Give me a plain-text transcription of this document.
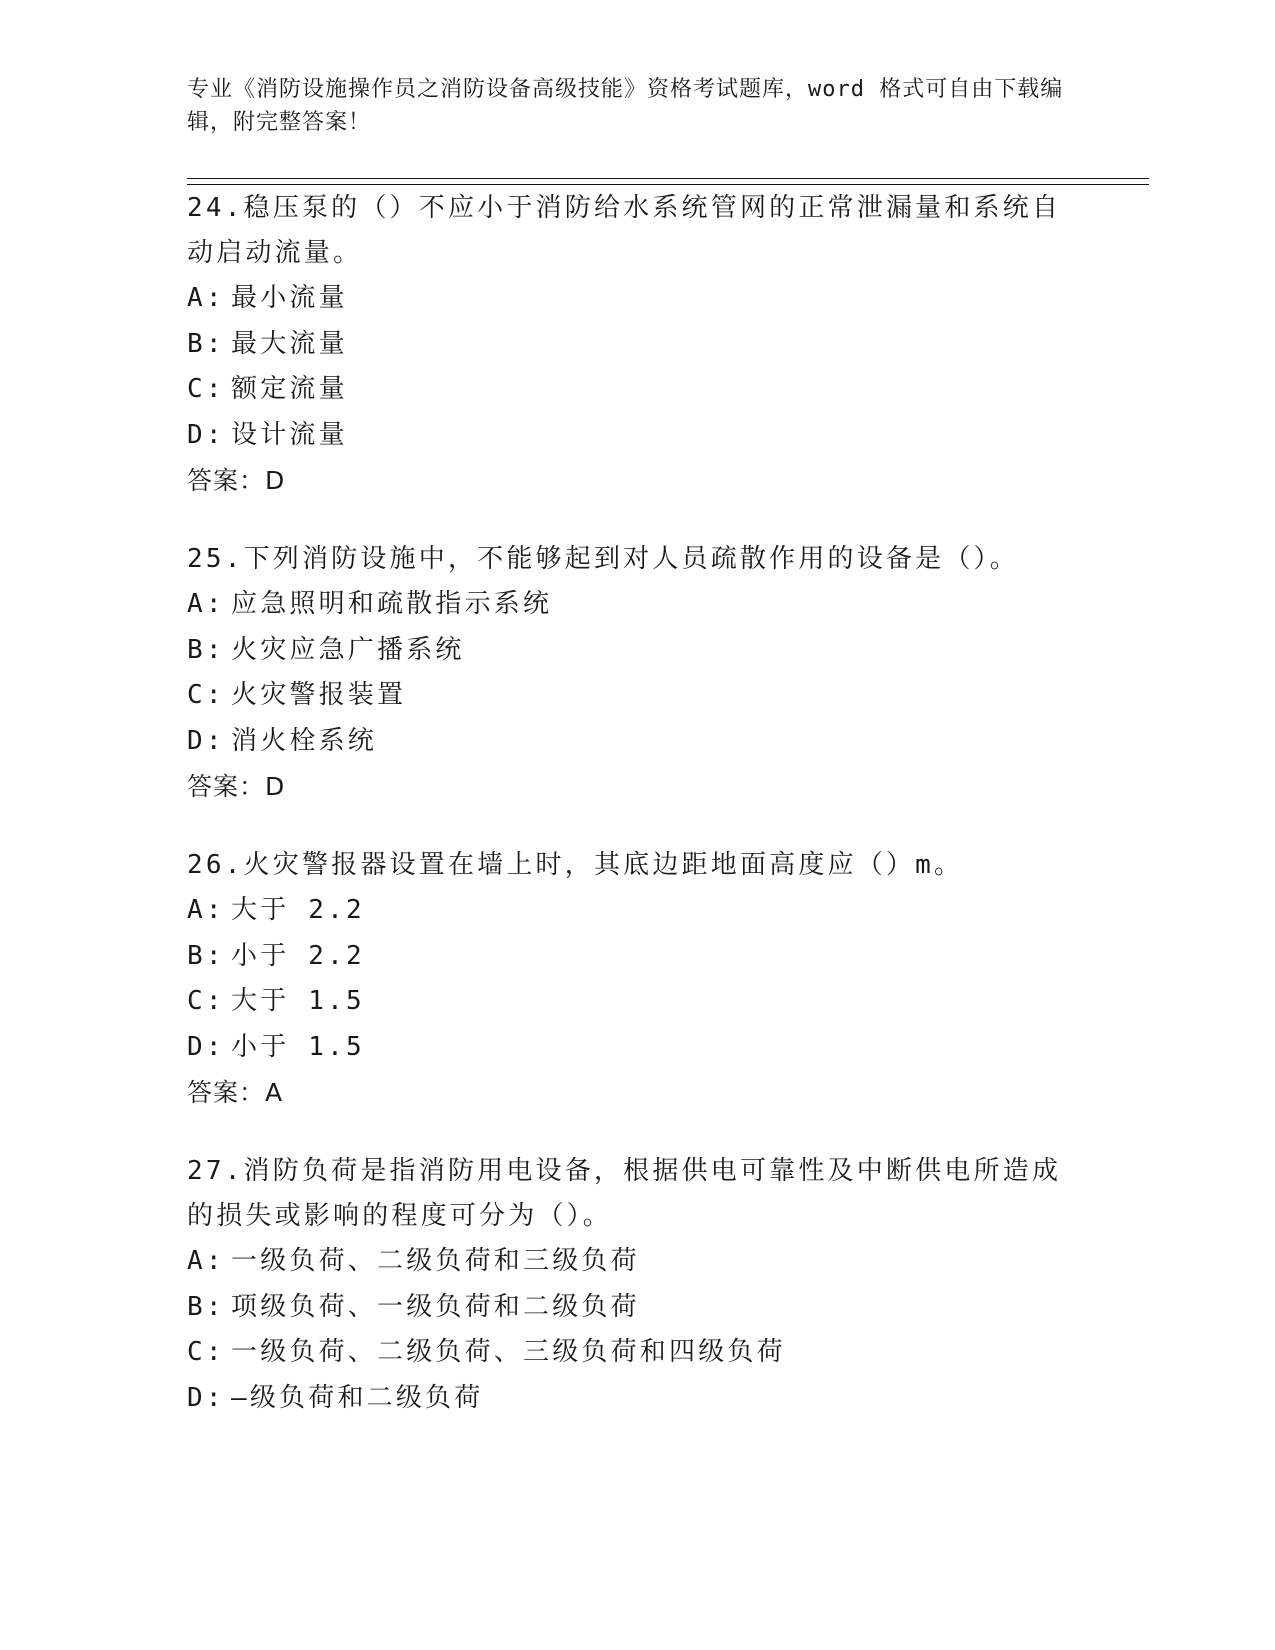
专业《消防设施操作员之消防设备高级技能》资格考试题库，word 格式可自由下载编辑，附完整答案！

24.稳压泵的（）不应小于消防给水系统管网的正常泄漏量和系统自动启动流量。

A: 最小流量

B: 最大流量

C: 额定流量

D: 设计流量

答案：D

25.下列消防设施中，不能够起到对人员疏散作用的设备是（）。

A: 应急照明和疏散指示系统

B: 火灾应急广播系统

C: 火灾警报装置

D: 消火栓系统

答案：D

26.火灾警报器设置在墙上时，其底边距地面高度应（）m。

A: 大于 2.2

B: 小于 2.2

C: 大于 1.5

D: 小于 1.5

答案：A

27.消防负荷是指消防用电设备，根据供电可靠性及中断供电所造成的损失或影响的程度可分为（）。

A: 一级负荷、二级负荷和三级负荷

B: 项级负荷、一级负荷和二级负荷

C: 一级负荷、二级负荷、三级负荷和四级负荷

D: —级负荷和二级负荷
